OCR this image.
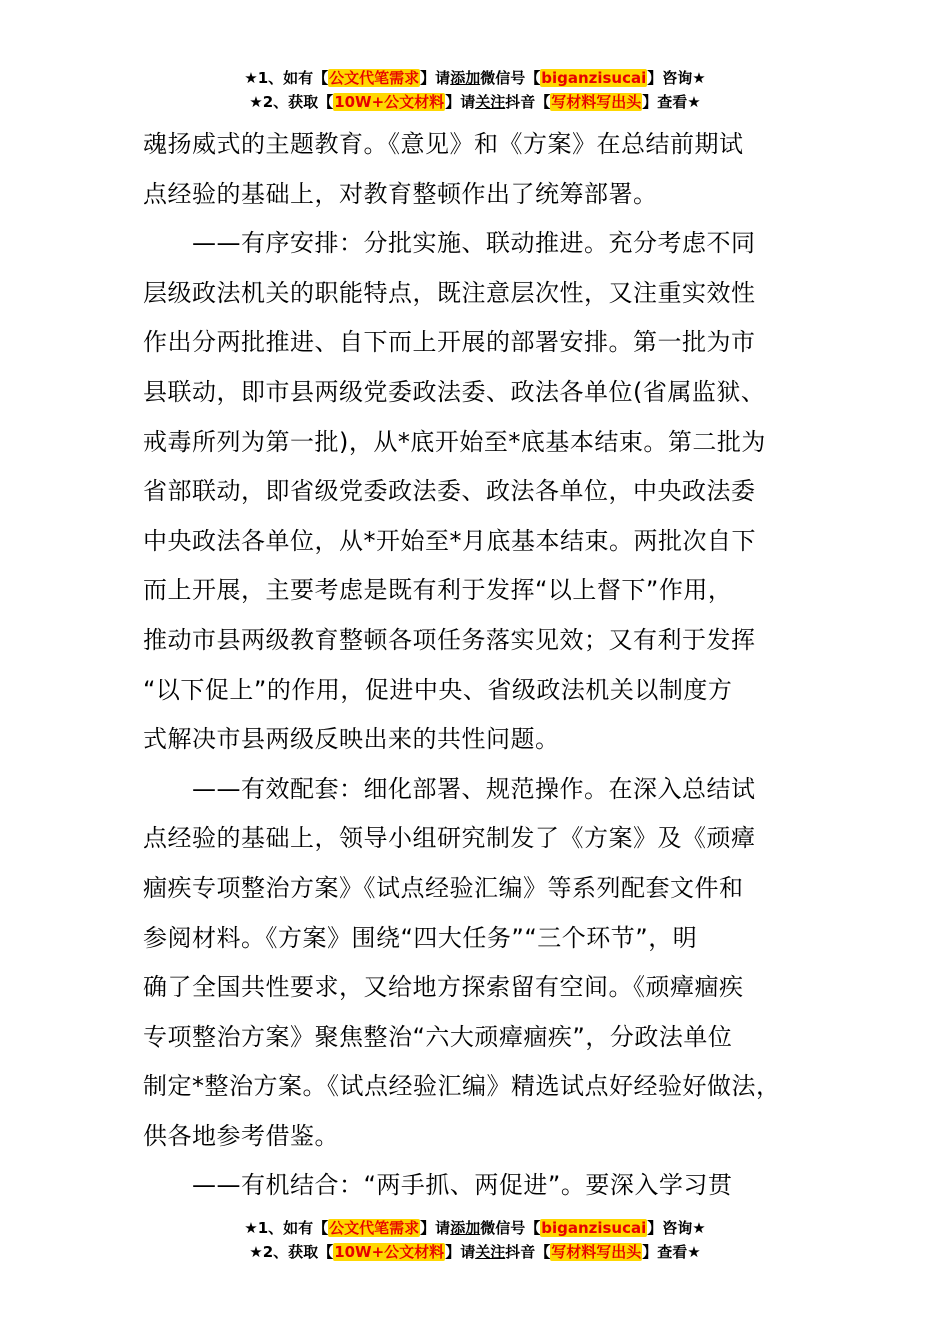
★1、如有【公文代笔需求】请添加微信号【biganzisucai】咨询★
★2、获取【10W+公文材料】请关注抖音【写材料写出头】查看★
魂扬威式的主题教育。《意见》和《方案》在总结前期试
点经验的基础上，对教育整顿作出了统筹部署。
——有序安排：分批实施、联动推进。充分考虑不同
层级政法机关的职能特点，既注意层次性，又注重实效性
作出分两批推进、自下而上开展的部署安排。第一批为市
县联动，即市县两级党委政法委、政法各单位(省属监狱、
戒毒所列为第一批)，从*底开始至*底基本结束。第二批为
省部联动，即省级党委政法委、政法各单位，中央政法委
中央政法各单位，从*开始至*月底基本结束。两批次自下
而上开展，主要考虑是既有利于发挥“以上督下”作用，
推动市县两级教育整顿各项任务落实见效；又有利于发挥
“以下促上”的作用，促进中央、省级政法机关以制度方
式解决市县两级反映出来的共性问题。
——有效配套：细化部署、规范操作。在深入总结试
点经验的基础上，领导小组研究制发了《方案》及《顽瘴
痼疾专项整治方案》《试点经验汇编》等系列配套文件和
参阅材料。《方案》围绕“四大任务”“三个环节”，明
确了全国共性要求，又给地方探索留有空间。《顽瘴痼疾
专项整治方案》聚焦整治“六大顽瘴痼疾”，分政法单位
制定*整治方案。《试点经验汇编》精选试点好经验好做法，
供各地参考借鉴。
——有机结合：“两手抓、两促进”。要深入学习贯
★1、如有【公文代笔需求】请添加微信号【biganzisucai】咨询★
★2、获取【10W+公文材料】请关注抖音【写材料写出头】查看★
